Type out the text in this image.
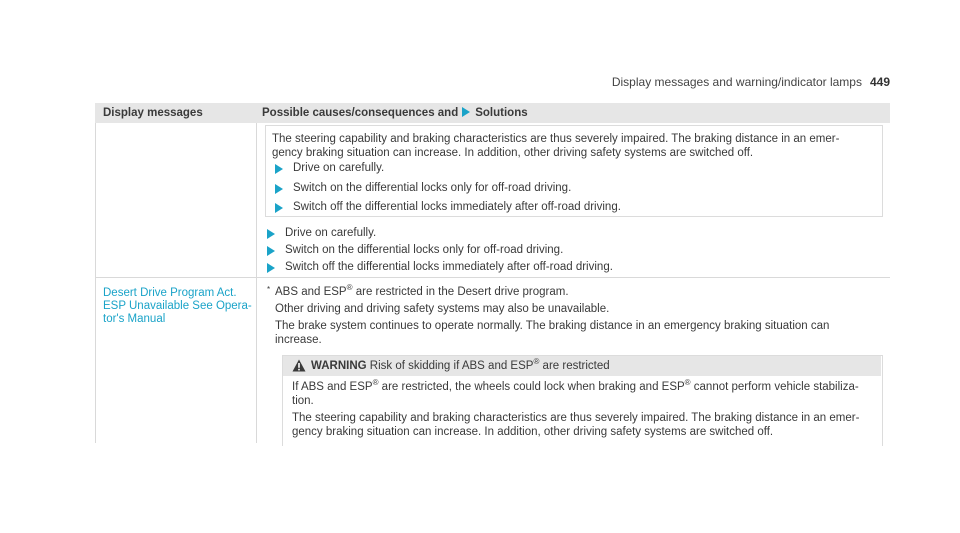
Display messages and warning/indicator lamps 449
Display messages	Possible causes/consequences and Solutions
The steering capability and braking characteristics are thus severely impaired. The braking distance in an emer-
gency braking situation can increase. In addition, other driving safety systems are switched off.
Drive on carefully.
Switch on the differential locks only for off-road driving.
Switch off the differential locks immediately after off-road driving.
Drive on carefully.
Switch on the differential locks only for off-road driving.
Switch off the differential locks immediately after off-road driving.
Desert Drive Program Act.
ESP Unavailable See Opera-
tor's Manual
* ABS and ESP® are restricted in the Desert drive program.
Other driving and driving safety systems may also be unavailable.
The brake system continues to operate normally. The braking distance in an emergency braking situation can
increase.
WARNING Risk of skidding if ABS and ESP® are restricted
If ABS and ESP® are restricted, the wheels could lock when braking and ESP® cannot perform vehicle stabiliza-
tion.
The steering capability and braking characteristics are thus severely impaired. The braking distance in an emer-
gency braking situation can increase. In addition, other driving safety systems are switched off.
